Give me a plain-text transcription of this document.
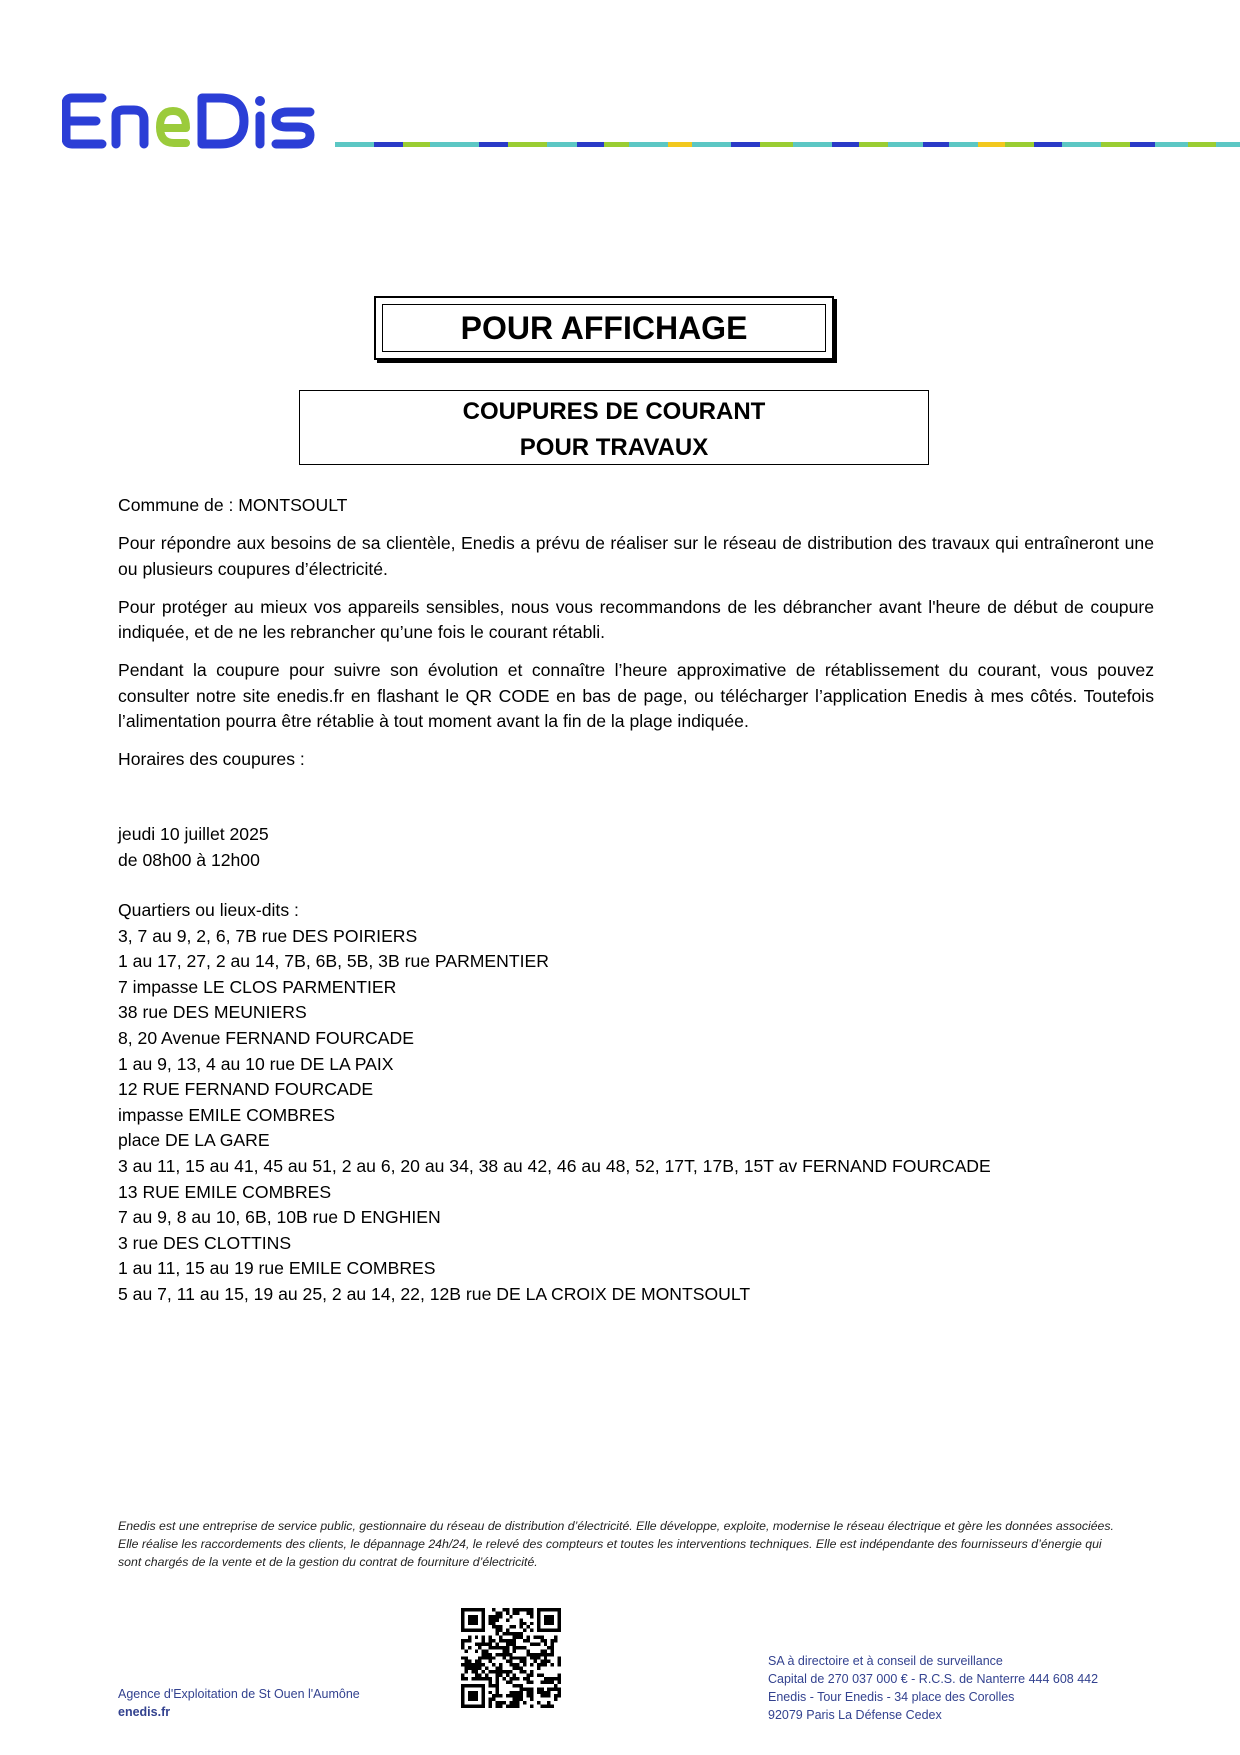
POUR AFFICHAGE
COUPURES DE COURANT
POUR TRAVAUX

Commune de : MONTSOULT

Pour répondre aux besoins de sa clientèle, Enedis a prévu de réaliser sur le réseau de distribution des travaux qui entraîneront une ou plusieurs coupures d’électricité.

Pour protéger au mieux vos appareils sensibles, nous vous recommandons de les débrancher avant l'heure de début de coupure indiquée, et de ne les rebrancher qu’une fois le courant rétabli.

Pendant la coupure pour suivre son évolution et connaître l’heure approximative de rétablissement du courant, vous pouvez consulter notre site enedis.fr en flashant le QR CODE en bas de page, ou télécharger l’application Enedis à mes côtés. Toutefois l’alimentation pourra être rétablie à tout moment avant la fin de la plage indiquée.

Horaires des coupures :

jeudi 10 juillet 2025
de 08h00 à 12h00
Quartiers ou lieux-dits :
3, 7 au 9, 2, 6, 7B rue DES POIRIERS
1 au 17, 27, 2 au 14, 7B, 6B, 5B, 3B rue PARMENTIER
7 impasse LE CLOS PARMENTIER
38 rue DES MEUNIERS
8, 20 Avenue FERNAND FOURCADE
1 au 9, 13, 4 au 10 rue DE LA PAIX
12 RUE FERNAND FOURCADE
impasse EMILE COMBRES
place DE LA GARE
3 au 11, 15 au 41, 45 au 51, 2 au 6, 20 au 34, 38 au 42, 46 au 48, 52, 17T, 17B, 15T av FERNAND FOURCADE
13 RUE EMILE COMBRES
7 au 9, 8 au 10, 6B, 10B rue D ENGHIEN
3 rue DES CLOTTINS
1 au 11, 15 au 19 rue EMILE COMBRES
5 au 7, 11 au 15, 19 au 25, 2 au 14, 22, 12B rue DE LA CROIX DE MONTSOULT
Enedis est une entreprise de service public, gestionnaire du réseau de distribution d’électricité. Elle développe, exploite, modernise le réseau électrique et gère les données associées. Elle réalise les raccordements des clients, le dépannage 24h/24, le relevé des compteurs et toutes les interventions techniques. Elle est indépendante des fournisseurs d’énergie qui sont chargés de la vente et de la gestion du contrat de fourniture d’électricité.
Agence d'Exploitation de St Ouen l'Aumône
enedis.fr
SA à directoire et à conseil de surveillance
Capital de 270 037 000 € - R.C.S. de Nanterre 444 608 442
Enedis - Tour Enedis - 34 place des Corolles
92079 Paris La Défense Cedex
